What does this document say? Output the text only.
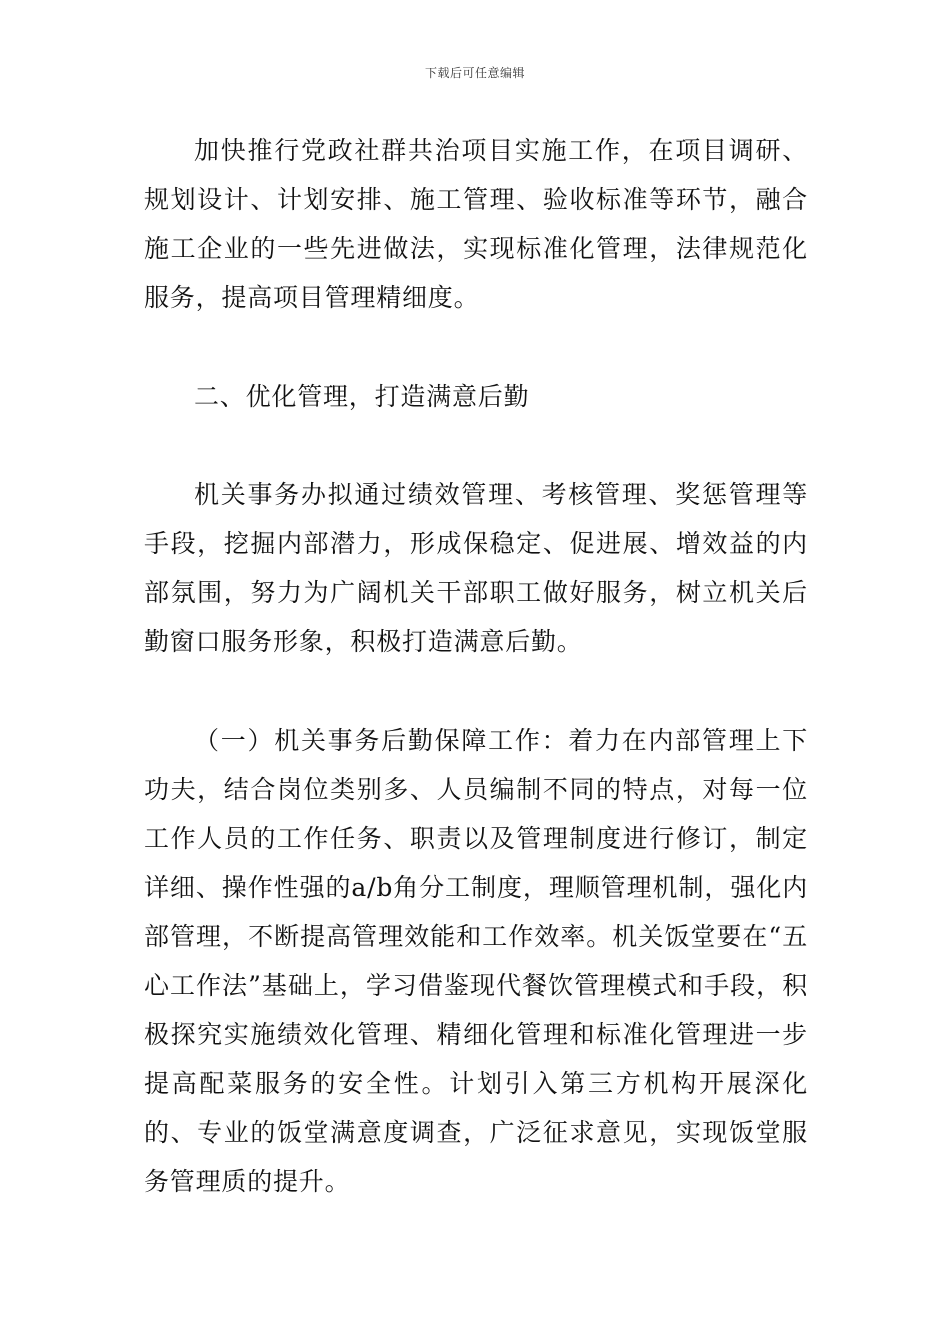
下载后可任意编辑

加快推行党政社群共治项目实施工作，在项目调研、规划设计、计划安排、施工管理、验收标准等环节，融合施工企业的一些先进做法，实现标准化管理，法律规范化服务，提高项目管理精细度。

二、优化管理，打造满意后勤

机关事务办拟通过绩效管理、考核管理、奖惩管理等手段，挖掘内部潜力，形成保稳定、促进展、增效益的内部氛围，努力为广阔机关干部职工做好服务，树立机关后勤窗口服务形象，积极打造满意后勤。

（一）机关事务后勤保障工作：着力在内部管理上下功夫，结合岗位类别多、人员编制不同的特点，对每一位工作人员的工作任务、职责以及管理制度进行修订，制定详细、操作性强的a/b角分工制度，理顺管理机制，强化内部管理，不断提高管理效能和工作效率。机关饭堂要在“五心工作法”基础上，学习借鉴现代餐饮管理模式和手段，积极探究实施绩效化管理、精细化管理和标准化管理进一步提高配菜服务的安全性。计划引入第三方机构开展深化的、专业的饭堂满意度调查，广泛征求意见，实现饭堂服务管理质的提升。
